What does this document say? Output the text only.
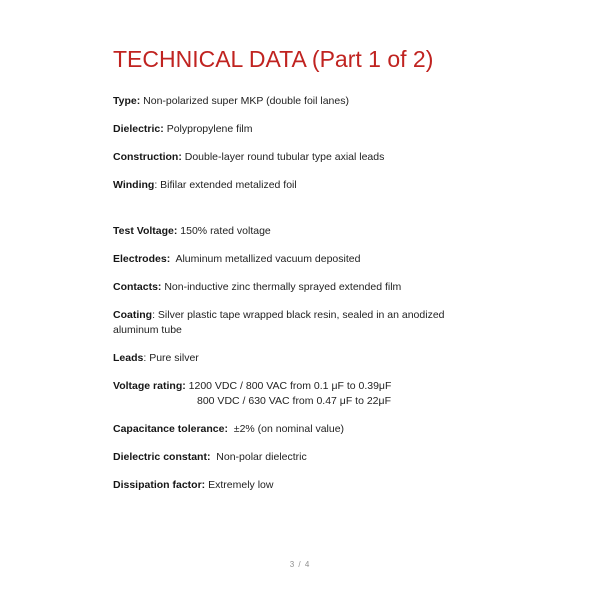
TECHNICAL DATA (Part 1 of 2)

Type: Non-polarized super MKP (double foil lanes)

Dielectric: Polypropylene film

Construction: Double-layer round tubular type axial leads

Winding: Bifilar extended metalized foil

Test Voltage: 150% rated voltage

Electrodes:  Aluminum metallized vacuum deposited

Contacts: Non-inductive zinc thermally sprayed extended film

Coating: Silver plastic tape wrapped black resin, sealed in an anodized aluminum tube

Leads: Pure silver

Voltage rating: 1200 VDC / 800 VAC from 0.1 μF to 0.39μF
800 VDC / 630 VAC from 0.47 μF to 22μF

Capacitance tolerance:  ±2% (on nominal value)

Dielectric constant:  Non-polar dielectric

Dissipation factor: Extremely low

3 / 4
